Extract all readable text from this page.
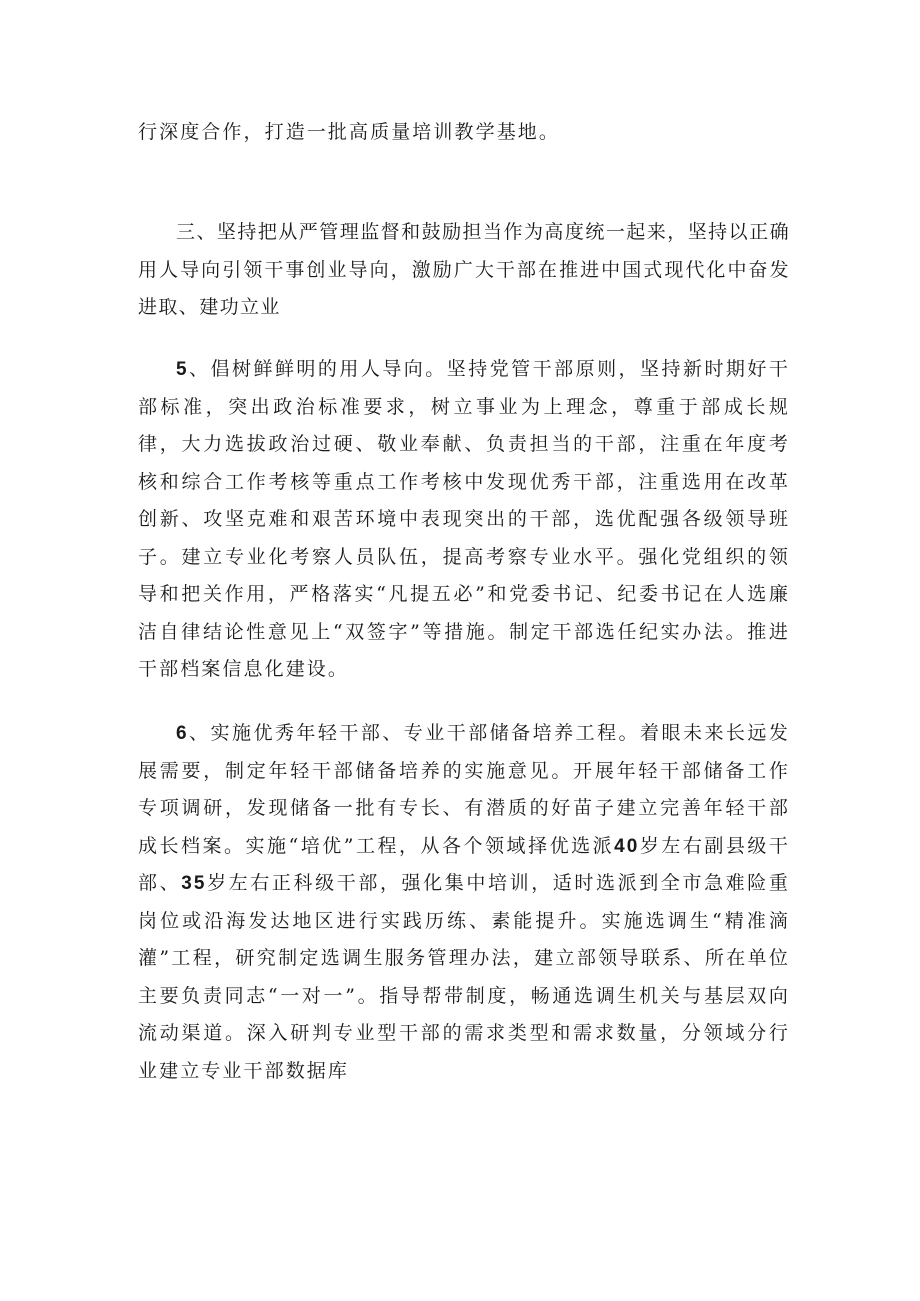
行深度合作，打造一批高质量培训教学基地。

三、坚持把从严管理监督和鼓励担当作为高度统一起来，坚持以正确用人导向引领干事创业导向，激励广大干部在推进中国式现代化中奋发进取、建功立业

5、倡树鲜鲜明的用人导向。坚持党管干部原则，坚持新时期好干部标准，突出政治标准要求，树立事业为上理念，尊重于部成长规律，大力选拔政治过硬、敬业奉献、负责担当的干部，注重在年度考核和综合工作考核等重点工作考核中发现优秀干部，注重选用在改革创新、攻坚克难和艰苦环境中表现突出的干部，选优配强各级领导班子。建立专业化考察人员队伍，提高考察专业水平。强化党组织的领导和把关作用，严格落实“凡提五必”和党委书记、纪委书记在人选廉洁自律结论性意见上“双签字”等措施。制定干部选任纪实办法。推进干部档案信息化建设。

6、实施优秀年轻干部、专业干部储备培养工程。着眼未来长远发展需要，制定年轻干部储备培养的实施意见。开展年轻干部储备工作专项调研，发现储备一批有专长、有潜质的好苗子建立完善年轻干部成长档案。实施“培优”工程，从各个领域择优选派40岁左右副县级干部、35岁左右正科级干部，强化集中培训，适时选派到全市急难险重岗位或沿海发达地区进行实践历练、素能提升。实施选调生“精准滴灌”工程，研究制定选调生服务管理办法，建立部领导联系、所在单位主要负责同志“一对一”。指导帮带制度，畅通选调生机关与基层双向流动渠道。深入研判专业型干部的需求类型和需求数量，分领域分行业建立专业干部数据库
